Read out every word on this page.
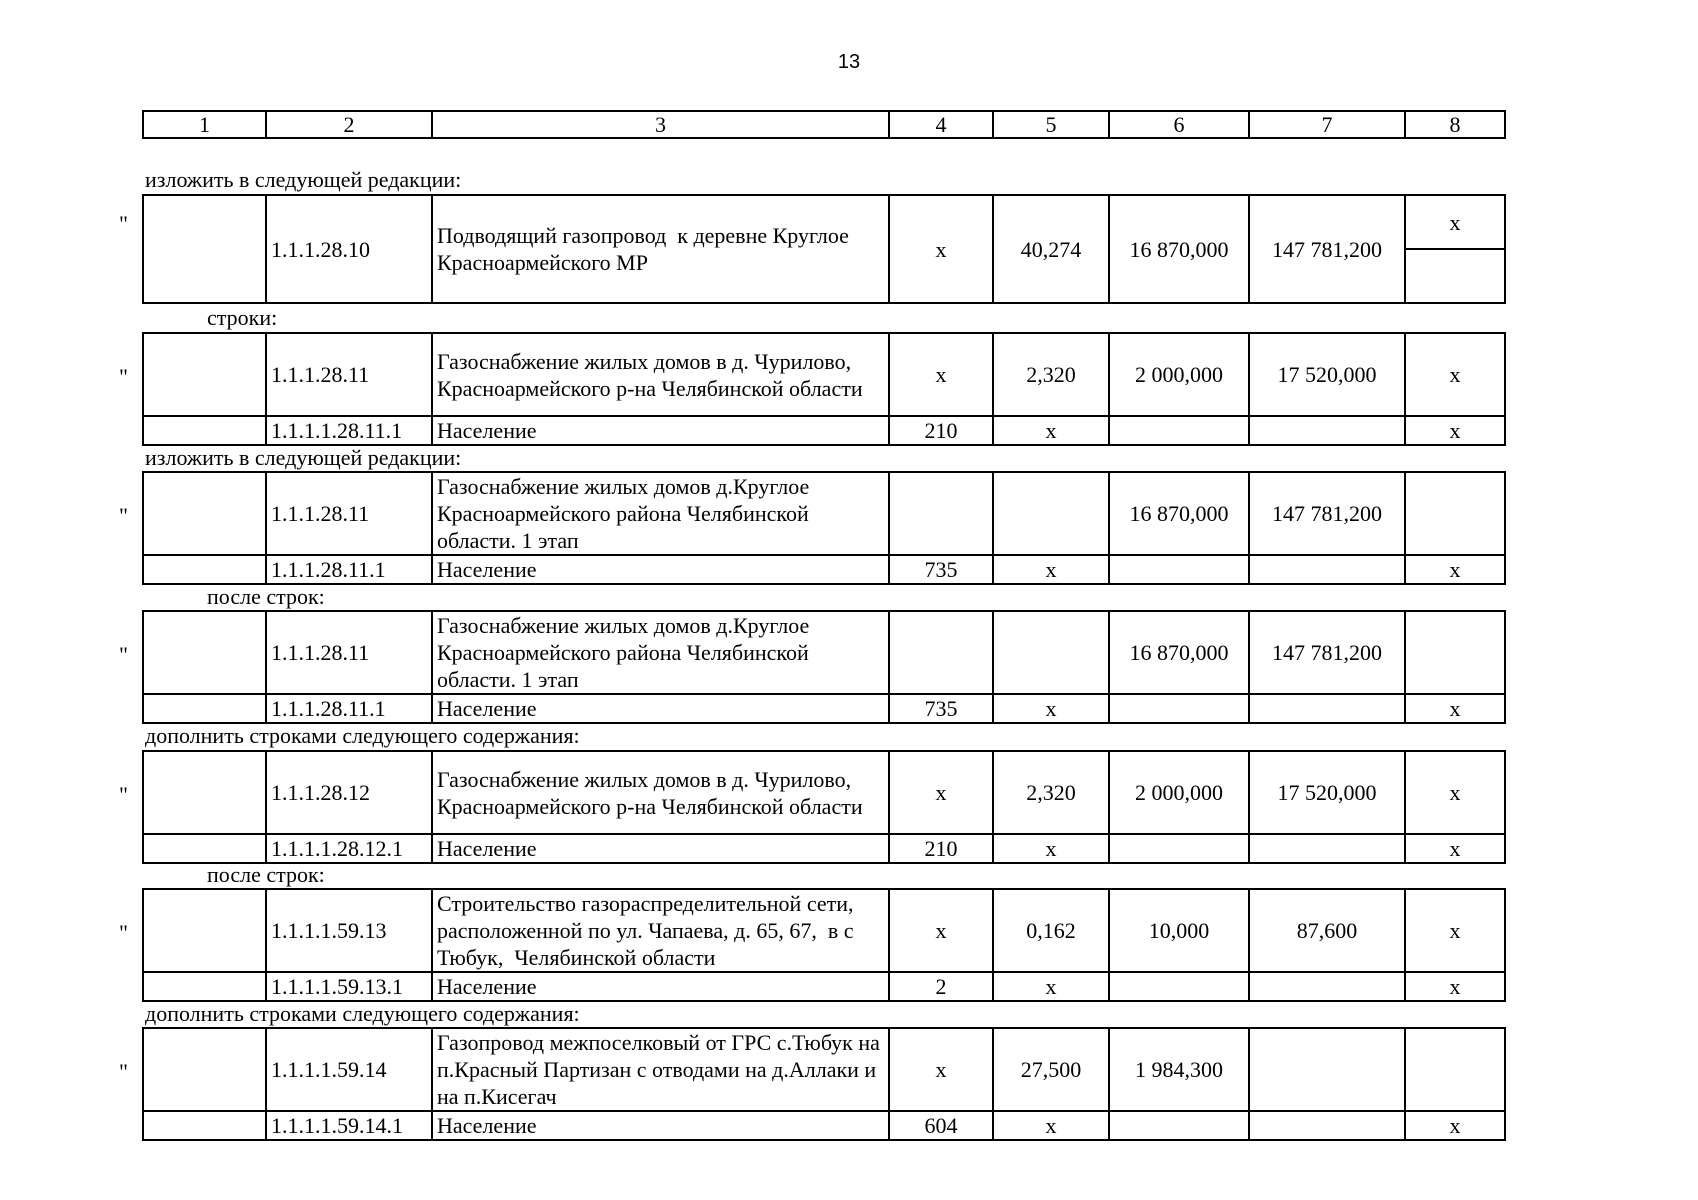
13
1	2	3	4	5	6	7	8
изложить в следующей редакции:
"
	1.1.1.28.10	Подводящий газопровод  к деревне Круглое
Красноармейского МР	х	40,274	16 870,000	147 781,200	х

строки:
"
		1.1.1.28.11	Газоснабжение жилых домов в д. Чурилово,
Красноармейского р-на Челябинской области	х	2,320	2 000,000	17 520,000	х
	1.1.1.1.28.11.1	Население	210	х			х
изложить в следующей редакции:
"
		1.1.1.28.11	Газоснабжение жилых домов д.Круглое
Красноармейского района Челябинской
области. 1 этап			16 870,000	147 781,200	
	1.1.1.28.11.1	Население	735	х			х
после строк:
"
		1.1.1.28.11	Газоснабжение жилых домов д.Круглое
Красноармейского района Челябинской
области. 1 этап			16 870,000	147 781,200	
	1.1.1.28.11.1	Население	735	х			х
дополнить строками следующего содержания:
"
		1.1.1.28.12	Газоснабжение жилых домов в д. Чурилово,
Красноармейского р-на Челябинской области	х	2,320	2 000,000	17 520,000	х
	1.1.1.1.28.12.1	Население	210	х			х
после строк:
"
		1.1.1.1.59.13	Строительство газораспределительной сети,
расположенной по ул. Чапаева, д. 65, 67,  в с
Тюбук,  Челябинской области	х	0,162	10,000	87,600	х
	1.1.1.1.59.13.1	Население	2	х			х
дополнить строками следующего содержания:
"
		1.1.1.1.59.14	Газопровод межпоселковый от ГРС с.Тюбук на
п.Красный Партизан с отводами на д.Аллаки и
на п.Кисегач	х	27,500	1 984,300		
	1.1.1.1.59.14.1	Население	604	х			х
